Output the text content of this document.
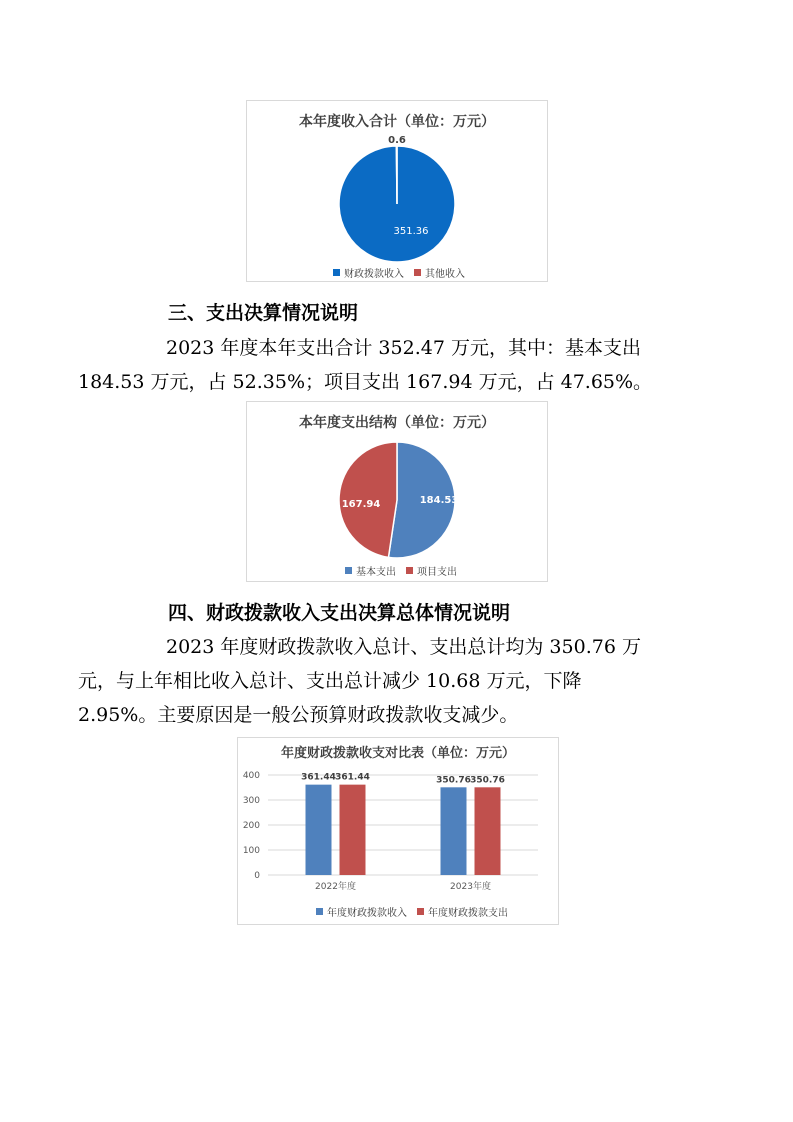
本年度收入合计（单位：万元）
0.6
351.36
财政拨款收入 其他收入
三、支出决算情况说明
2023 年度本年支出合计 352.47 万元，其中：基本支出
184.53 万元，占 52.35%；项目支出 167.94 万元，占 47.65%。
本年度支出结构（单位：万元）
184.53
167.94
基本支出 项目支出
四、财政拨款收入支出决算总体情况说明
2023 年度财政拨款收入总计、支出总计均为 350.76 万
元，与上年相比收入总计、支出总计减少 10.68 万元，下降
2.95%。主要原因是一般公预算财政拨款收支减少。
年度财政拨款收支对比表（单位：万元）
0
100
200
300
400	361.44 361.44	350.76 350.76
2022年度	2023年度
年度财政拨款收入 年度财政拨款支出
